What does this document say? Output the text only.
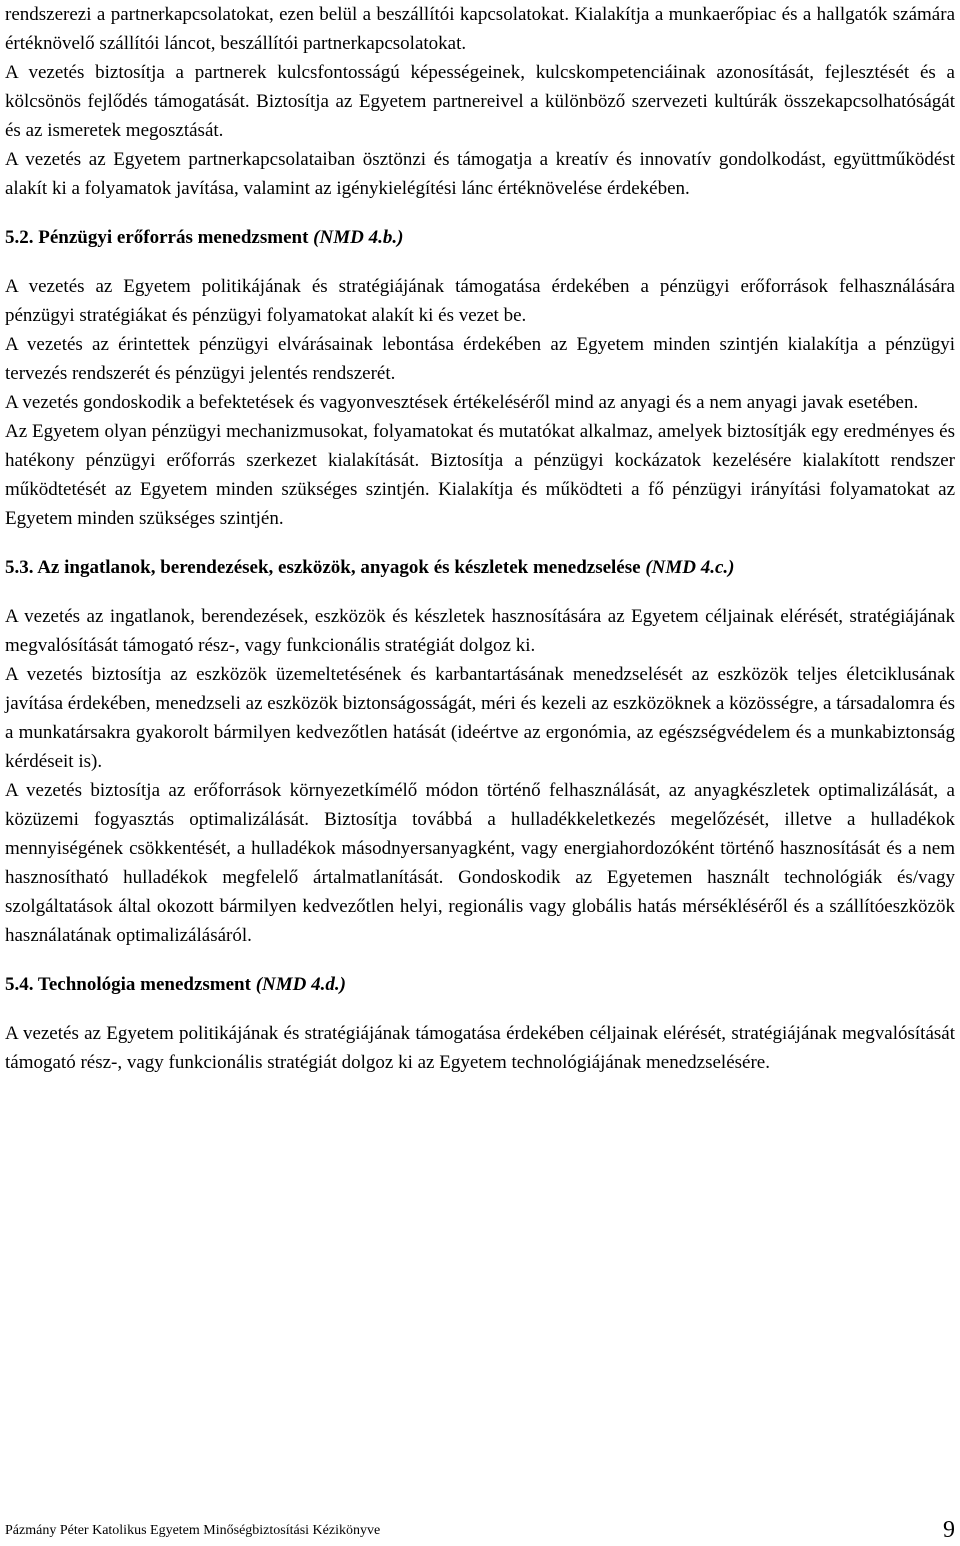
rendszerezi a partnerkapcsolatokat, ezen belül a beszállítói kapcsolatokat. Kialakítja a munkaerőpiac és a hallgatók számára értéknövelő szállítói láncot, beszállítói partnerkapcsolatokat.

A vezetés biztosítja a partnerek kulcsfontosságú képességeinek, kulcskompetenciáinak azonosítását, fejlesztését és a kölcsönös fejlődés támogatását. Biztosítja az Egyetem partnereivel a különböző szervezeti kultúrák összekapcsolhatóságát és az ismeretek megosztását.

A vezetés az Egyetem partnerkapcsolataiban ösztönzi és támogatja a kreatív és innovatív gondolkodást, együttműködést alakít ki a folyamatok javítása, valamint az igénykielégítési lánc értéknövelése érdekében.

5.2. Pénzügyi erőforrás menedzsment (NMD 4.b.)

A vezetés az Egyetem politikájának és stratégiájának támogatása érdekében a pénzügyi erőforrások felhasználására pénzügyi stratégiákat és pénzügyi folyamatokat alakít ki és vezet be.

A vezetés az érintettek pénzügyi elvárásainak lebontása érdekében az Egyetem minden szintjén kialakítja a pénzügyi tervezés rendszerét és pénzügyi jelentés rendszerét.

A vezetés gondoskodik a befektetések és vagyonvesztések értékeléséről mind az anyagi és a nem anyagi javak esetében.

Az Egyetem olyan pénzügyi mechanizmusokat, folyamatokat és mutatókat alkalmaz, amelyek biztosítják egy eredményes és hatékony pénzügyi erőforrás szerkezet kialakítását. Biztosítja a pénzügyi kockázatok kezelésére kialakított rendszer működtetését az Egyetem minden szükséges szintjén. Kialakítja és működteti a fő pénzügyi irányítási folyamatokat az Egyetem minden szükséges szintjén.

5.3. Az ingatlanok, berendezések, eszközök, anyagok és készletek menedzselése (NMD 4.c.)

A vezetés az ingatlanok, berendezések, eszközök és készletek hasznosítására az Egyetem céljainak elérését, stratégiájának megvalósítását támogató rész-, vagy funkcionális stratégiát dolgoz ki.

A vezetés biztosítja az eszközök üzemeltetésének és karbantartásának menedzselését az eszközök teljes életciklusának javítása érdekében, menedzseli az eszközök biztonságosságát, méri és kezeli az eszközöknek a közösségre, a társadalomra és a munkatársakra gyakorolt bármilyen kedvezőtlen hatását (ideértve az ergonómia, az egészségvédelem és a munkabiztonság kérdéseit is).

A vezetés biztosítja az erőforrások környezetkímélő módon történő felhasználását, az anyagkészletek optimalizálását, a közüzemi fogyasztás optimalizálását. Biztosítja továbbá a hulladékkeletkezés megelőzését, illetve a hulladékok mennyiségének csökkentését, a hulladékok másodnyersanyagként, vagy energiahordozóként történő hasznosítását és a nem hasznosítható hulladékok megfelelő ártalmatlanítását. Gondoskodik az Egyetemen használt technológiák és/vagy szolgáltatások által okozott bármilyen kedvezőtlen helyi, regionális vagy globális hatás mérsékléséről és a szállítóeszközök használatának optimalizálásáról.

5.4. Technológia menedzsment (NMD 4.d.)

A vezetés az Egyetem politikájának és stratégiájának támogatása érdekében céljainak elérését, stratégiájának megvalósítását támogató rész-, vagy funkcionális stratégiát dolgoz ki az Egyetem technológiájának menedzselésére.

Pázmány Péter Katolikus Egyetem Minőségbiztosítási Kézikönyve	9
